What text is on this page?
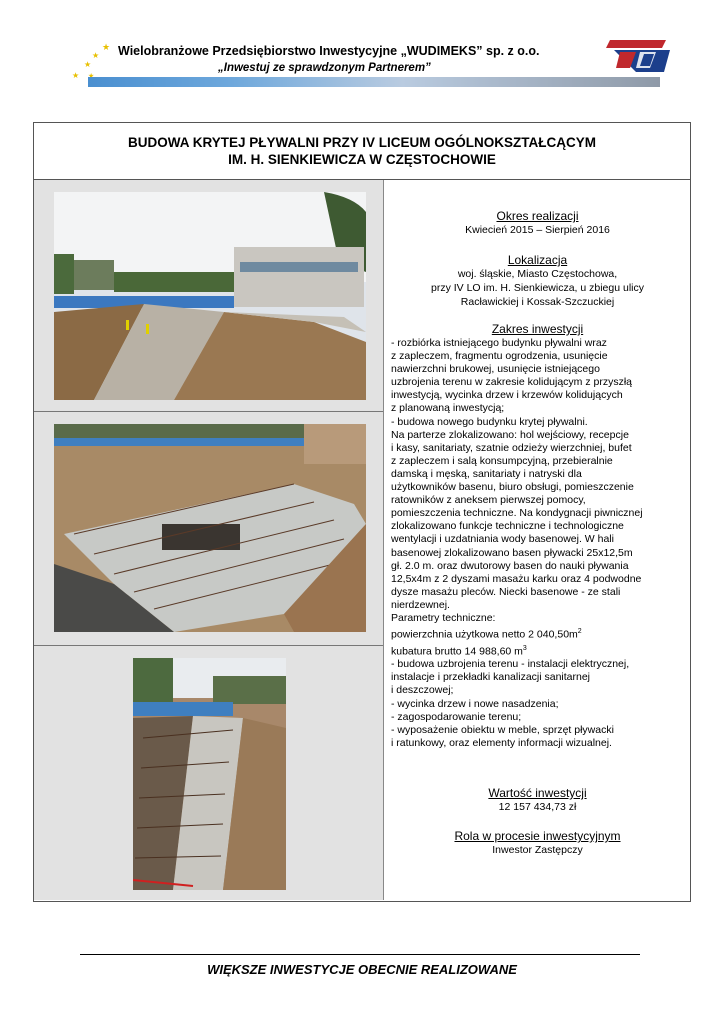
★
★
★
★
Wielobranżowe Przedsiębiorstwo Inwestycyjne „WUDIMEKS” sp. z o.o.
„Inwestuj ze sprawdzonym Partnerem”
BUDOWA KRYTEJ PŁYWALNI PRZY IV LICEUM OGÓLNOKSZTAŁCĄCYM
IM. H. SIENKIEWICZA W CZĘSTOCHOWIE
Okres realizacji
Kwiecień 2015 – Sierpień 2016
Lokalizacja
woj. śląskie, Miasto Częstochowa,
przy IV LO im. H. Sienkiewicza, u zbiegu ulicy
Racławickiej i Kossak-Szczuckiej
Zakres inwestycji

- rozbiórka istniejącego budynku pływalni wraz

z zapleczem, fragmentu ogrodzenia, usunięcie

nawierzchni brukowej, usunięcie istniejącego

uzbrojenia terenu w zakresie kolidującym z przyszłą

inwestycją, wycinka drzew i krzewów kolidujących

z planowaną inwestycją;

- budowa nowego budynku krytej pływalni.

Na parterze zlokalizowano: hol wejściowy, recepcje

i kasy, sanitariaty, szatnie odzieży wierzchniej, bufet

z zapleczem i salą konsumpcyjną, przebieralnie

damską i męską, sanitariaty i natryski dla

użytkowników basenu, biuro obsługi, pomieszczenie

ratowników z aneksem pierwszej pomocy,

pomieszczenia techniczne. Na kondygnacji piwnicznej

zlokalizowano funkcje techniczne i technologiczne

wentylacji i uzdatniania wody basenowej. W hali

basenowej zlokalizowano basen pływacki 25x12,5m

gł. 2.0 m. oraz dwutorowy basen do nauki pływania

12,5x4m z 2 dyszami masażu karku oraz 4 podwodne

dysze masażu pleców. Niecki basenowe - ze stali

nierdzewnej.

Parametry techniczne:

powierzchnia użytkowa netto 2 $040,50m^2$

kubatura brutto 14 988,60 $m^3$

- budowa uzbrojenia terenu - instalacji elektrycznej,

instalacje i przekładki kanalizacji sanitarnej

i deszczowej;

- wycinka drzew i nowe nasadzenia;

- zagospodarowanie terenu;

- wyposażenie obiektu w meble, sprzęt pływacki

i ratunkowy, oraz elementy informacji wizualnej.

Wartość inwestycji
12 157 434,73 zł
Rola w procesie inwestycyjnym
Inwestor Zastępczy
WIĘKSZE INWESTYCJE OBECNIE REALIZOWANE
